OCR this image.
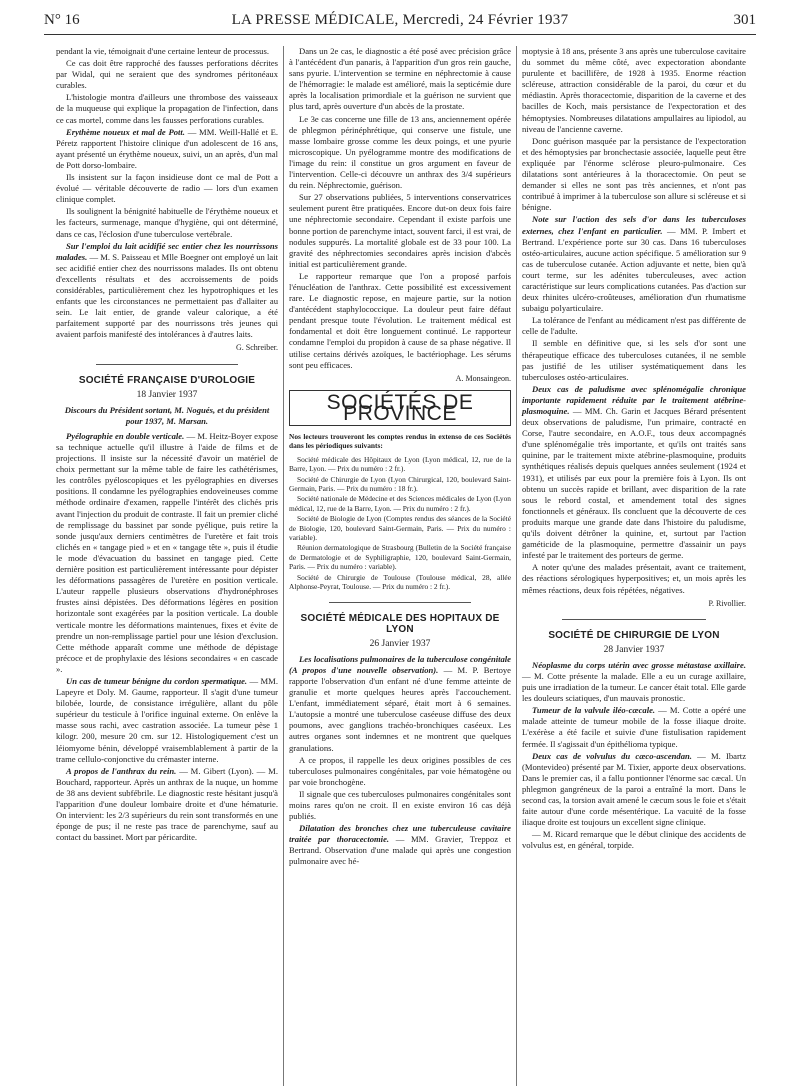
N° 16	LA PRESSE MÉDICALE, Mercredi, 24 Février 1937	301

pendant la vie, témoignait d'une certaine lenteur de processus.

Ce cas doit être rapproché des fausses perforations décrites par Widal, qui ne seraient que des syndromes péritonéaux curables.

L'histologie montra d'ailleurs une thrombose des vaisseaux de la muqueuse qui explique la propagation de l'infection, dans ce cas mortel, comme dans les fausses perforations curables.

Erythème noueux et mal de Pott. — MM. Weill-Hallé et E. Péretz rapportent l'histoire clinique d'un adolescent de 16 ans, ayant présenté un érythème noueux, suivi, un an après, d'un mal de Pott dorso-lombaire.

Ils insistent sur la façon insidieuse dont ce mal de Pott a évolué — véritable découverte de radio — lors d'un examen clinique complet.

Ils soulignent la bénignité habituelle de l'érythème noueux et les facteurs, surmenage, manque d'hygiène, qui ont déterminé, dans ce cas, l'éclosion d'une tuberculose vertébrale.

Sur l'emploi du lait acidifié sec entier chez les nourrissons malades. — M. S. Paisseau et Mlle Boegner ont employé un lait sec acidifié entier chez des nourrissons malades. Ils ont obtenu d'excellents résultats et des accroissements de poids considérables, particulièrement chez les hypotrophiques et les enfants que les circonstances ne permettaient pas d'allaiter au sein. Le lait entier, de grande valeur calorique, a été parfaitement supporté par des nourrissons très jeunes qui avaient parfois manifesté des intolérances à d'autres laits.

G. Schreiber.
SOCIÉTÉ FRANÇAISE D'UROLOGIE
18 Janvier 1937
Discours du Président sortant, M. Nogués, et du président pour 1937, M. Marsan.

Pyélographie en double verticale. — M. Heitz-Boyer expose sa technique actuelle qu'il illustre à l'aide de films et de projections. Il insiste sur la nécessité d'avoir un matériel de choix permettant sur la même table de faire les cathétérismes, les contrôles pyéloscopiques et les pyélographies en diverses positions. Il condamne les pyélographies endoveineuses comme méthode ordinaire d'examen, rappelle l'intérêt des clichés pris avant l'injection du produit de contraste. Il fait un premier cliché de remplissage du bassinet par sonde pyélique, puis retire la sonde jusqu'aux derniers centimètres de l'uretère et fait trois clichés en « tangage pied » et en « tangage tête », puis il étudie le mode d'évacuation du bassinet en tangage pied. Cette dernière position est particulièrement intéressante pour dépister les déformations passagères de l'uretère en position verticale. L'auteur rappelle plusieurs observations d'hydronéphroses frustes ainsi dépistées. Des déformations légères en position horizontale sont exagérées par la position verticale. La double verticale montre les déformations maintenues, fixes et évite de prendre un non-remplissage partiel pour une lésion d'exclusion. Cette méthode apparaît comme une méthode de dépistage précoce et de prophylaxie des lésions secondaires « en cascade ».

Un cas de tumeur bénigne du cordon spermatique. — MM. Lapeyre et Doly. M. Gaume, rapporteur. Il s'agit d'une tumeur bilobée, lourde, de consistance irrégulière, allant du pôle supérieur du testicule à l'orifice inguinal externe. On enlève la masse sous rachi, avec castration associée. La tumeur pèse 1 kilogr. 200, mesure 20 cm. sur 12. Histologiquement c'est un léiomyome bénin, développé vraisemblablement à partir de la trame cellulo-conjonctive du crémaster interne.

A propos de l'anthrax du rein. — M. Gibert (Lyon). — M. Bouchard, rapporteur. Après un anthrax de la nuque, un homme de 38 ans devient subfébrile. Le diagnostic reste hésitant jusqu'à l'apparition d'une douleur lombaire droite et d'une hématurie. On intervient: les 2/3 supérieurs du rein sont transformés en une éponge de pus; il ne reste pas trace de parenchyme, sauf au contact du bassinet. Mort par péricardite.

Dans un 2e cas, le diagnostic a été posé avec précision grâce à l'antécédent d'un panaris, à l'apparition d'un gros rein gauche, sans pyurie. L'intervention se termine en néphrectomie à cause de l'hémorragie: le malade est amélioré, mais la septicémie dure après la localisation primordiale et la guérison ne survient que plus tard, après ouverture d'un abcès de la prostate.

Le 3e cas concerne une fille de 13 ans, anciennement opérée de phlegmon périnéphrétique, qui conserve une fistule, une masse lombaire grosse comme les deux poings, et une pyurie microscopique. Un pyélogramme montre des modifications de l'image du rein: il constitue un gros argument en faveur de l'intervention. Celle-ci découvre un anthrax des 3/4 supérieurs du rein. Néphrectomie, guérison.

Sur 27 observations publiées, 5 interventions conservatrices seulement purent être pratiquées. Encore dut-on deux fois faire une néphrectomie secondaire. Cependant il existe parfois une bonne portion de parenchyme intact, souvent farci, il est vrai, de nodules suppurés. La mortalité globale est de 33 pour 100. La gravité des néphrectomies secondaires après incision d'abcès initial est particulièrement grande.

Le rapporteur remarque que l'on a proposé parfois l'énucléation de l'anthrax. Cette possibilité est excessivement rare. Le diagnostic repose, en majeure partie, sur la notion d'antécédent staphylococcique. La douleur peut faire défaut pendant presque toute l'évolution. Le traitement médical est fondamental et doit être longuement continué. Le rapporteur condamne l'emploi du propidon à cause de sa phase négative. Il utilise certains dérivés azoïques, le bactériophage. Les sérums sont peu efficaces.

A. Monsaingeon.
SOCIÉTÉS DE PROVINCE

Nos lecteurs trouveront les comptes rendus in extenso de ces Sociétés dans les périodiques suivants:

Société médicale des Hôpitaux de Lyon (Lyon médical, 12, rue de la Barre, Lyon. — Prix du numéro : 2 fr.).

Société de Chirurgie de Lyon (Lyon Chirurgical, 120, boulevard Saint-Germain, Paris. — Prix du numéro : 18 fr.).

Société nationale de Médecine et des Sciences médicales de Lyon (Lyon médical, 12, rue de la Barre, Lyon. — Prix du numéro : 2 fr.).

Société de Biologie de Lyon (Comptes rendus des séances de la Société de Biologie, 120, boulevard Saint-Germain, Paris. — Prix du numéro : variable).

Réunion dermatologique de Strasbourg (Bulletin de la Société française de Dermatologie et de Syphiligraphie, 120, boulevard Saint-Germain, Paris. — Prix du numéro : variable).

Société de Chirurgie de Toulouse (Toulouse médical, 28, allée Alphonse-Peyrat, Toulouse. — Prix du numéro : 2 fr.).

SOCIÉTÉ MÉDICALE DES HOPITAUX DE LYON
26 Janvier 1937

Les localisations pulmonaires de la tuberculose congénitale (A propos d'une nouvelle observation). — M. P. Bertoye rapporte l'observation d'un enfant né d'une femme atteinte de granulie et morte quelques heures après l'accouchement. L'enfant, immédiatement séparé, était mort à 6 semaines. L'autopsie a montré une tuberculose caséeuse diffuse des deux poumons, avec ganglions trachéo-bronchiques caséeux. Les autres organes sont indemnes et ne montrent que quelques granulations.

A ce propos, il rappelle les deux origines possibles de ces tuberculoses pulmonaires congénitales, par voie hématogène ou par voie bronchogène.

Il signale que ces tuberculoses pulmonaires congénitales sont moins rares qu'on ne croit. Il en existe environ 16 cas déjà publiés.

Dilatation des bronches chez une tuberculeuse cavitaire traitée par thoracectomie. — MM. Gravier, Treppoz et Bertrand. Observation d'une malade qui après une congestion pulmonaire avec hé-

moptysie à 18 ans, présente 3 ans après une tuberculose cavitaire du sommet du même côté, avec expectoration abondante purulente et bacillifère, de 1928 à 1935. Enorme réaction scléreuse, attraction considérable de la paroi, du cœur et du médiastin. Après thoracectomie, disparition de la caverne et des bacilles de Koch, mais persistance de l'expectoration et des hémoptysies. Nombreuses dilatations ampullaires au lipiodol, au niveau de l'ancienne caverne.

Donc guérison masquée par la persistance de l'expectoration et des hémoptysies par bronchectasie associée, laquelle peut être expliquée par l'énorme sclérose pleuro-pulmonaire. Ces dilatations sont antérieures à la thoracectomie. On peut se demander si elles ne sont pas très anciennes, et n'ont pas contribué à imprimer à la tuberculose son allure si scléreuse et si bénigne.

Note sur l'action des sels d'or dans les tuberculoses externes, chez l'enfant en particulier. — MM. P. Imbert et Bertrand. L'expérience porte sur 30 cas. Dans 16 tuberculoses ostéo-articulaires, aucune action spécifique. 5 amélioration sur 9 cas de tuberculose cutanée. Action adjuvante et nette, bien qu'à court terme, sur les adénites tuberculeuses, avec action caractéristique sur leurs complications cutanées. Pas d'action sur deux rhinites ulcéro-croûteuses, amélioration d'un rhumatisme subaigu polyarticulaire.

La tolérance de l'enfant au médicament n'est pas différente de celle de l'adulte.

Il semble en définitive que, si les sels d'or sont une thérapeutique efficace des tuberculoses cutanées, il ne semble pas justifié de les utiliser systématiquement dans les tuberculoses ostéo-articulaires.

Deux cas de paludisme avec splénomégalie chronique importante rapidement réduite par le traitement atébrine-plasmoquine. — MM. Ch. Garin et Jacques Bérard présentent deux observations de paludisme, l'un primaire, contracté en Corse, l'autre secondaire, en A.O.F., tous deux accompagnés d'une splénomégalie très importante, et qu'ils ont traités sans quinine, par le traitement mixte atébrine-plasmoquine, produits synthétiques réalisés depuis quelques années seulement (1924 et 1931), et utilisés par eux pour la première fois à Lyon. Ils ont obtenu un succès rapide et brillant, avec disparition de la rate sous le rebord costal, et amendement total des signes fonctionnels et généraux. Ils concluent que la découverte de ces produits marque une grande date dans l'histoire du paludisme, qu'ils doivent détrôner la quinine, et, surtout par l'action gaméticide de la plasmoquine, permettre d'assainir un pays infesté par le traitement des porteurs de germe.

A noter qu'une des malades présentait, avant ce traitement, des réactions sérologiques hyperpositives; et, un mois après les mêmes réactions, deux fois répétées, négatives.

P. Rivollier.
SOCIÉTÉ DE CHIRURGIE DE LYON
28 Janvier 1937

Néoplasme du corps utérin avec grosse métastase axillaire. — M. Cotte présente la malade. Elle a eu un curage axillaire, puis une irradiation de la tumeur. Le cancer était total. Elle garde les douleurs sciatiques, d'un mauvais pronostic.

Tumeur de la valvule iléo-cæcale. — M. Cotte a opéré une malade atteinte de tumeur mobile de la fosse iliaque droite. L'exérèse a été facile et suivie d'une fistulisation rapidement fermée. Il s'agissait d'un épithélioma typique.

Deux cas de volvulus du cæco-ascendan. — M. Ibartz (Montevideo) présenté par M. Tixier, apporte deux observations. Dans le premier cas, il a fallu pontionner l'énorme sac cæcal. Un phlegmon gangréneux de la paroi a entraîné la mort. Dans le second cas, la torsion avait amené le cæcum sous le foie et s'était faite autour d'une corde mésentérique. La vacuité de la fosse iliaque droite est toujours un excellent signe clinique.

— M. Ricard remarque que le début clinique des accidents de volvulus est, en général, torpide.
